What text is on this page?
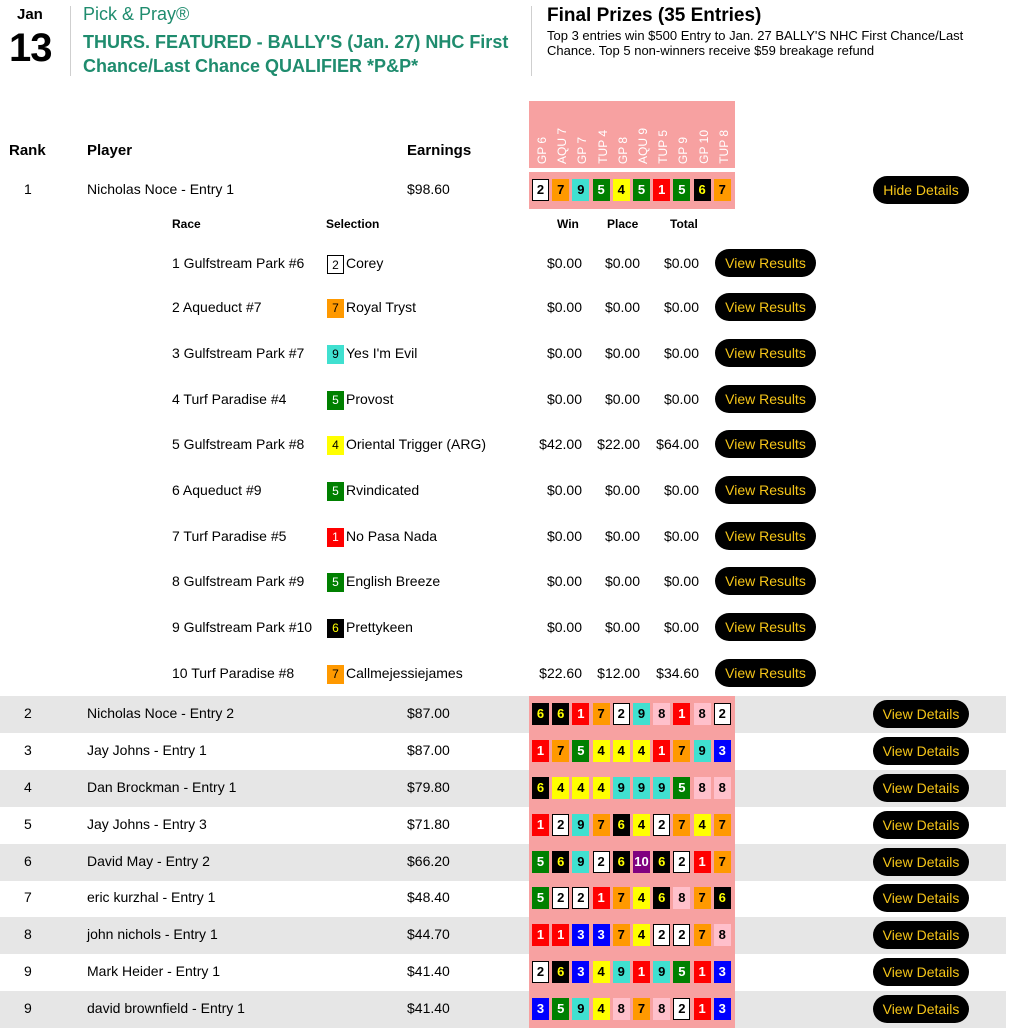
Jan
13
Pick & Pray®
THURS. FEATURED - BALLY'S (Jan. 27) NHC First Chance/Last Chance QUALIFIER *P&P*
Final Prizes (35 Entries)
Top 3 entries win $500 Entry to Jan. 27 BALLY'S NHC First Chance/Last Chance. Top 5 non-winners receive $59 breakage refund
Rank	Player	Earnings	GP 6 AQU 7 GP 7 TUP 4 GP 8 AQU 9 TUP 5 GP 9 GP 10 TUP 8
1	Nicholas Noce - Entry 1	$98.60	2 7 9 5 4 5 1 5 6 7	Hide Details
2	Nicholas Noce - Entry 2	$87.00	6 6 1 7 2 9 8 1 8 2	View Details
3	Jay Johns - Entry 1	$87.00	1 7 5 4 4 4 1 7 9 3	View Details
4	Dan Brockman - Entry 1	$79.80	6 4 4 4 9 9 9 5 8 8	View Details
5	Jay Johns - Entry 3	$71.80	1 2 9 7 6 4 2 7 4 7	View Details
6	David May - Entry 2	$66.20	5 6 9 2 6 10 6 2 1 7	View Details
7	eric kurzhal - Entry 1	$48.40	5 2 2 1 7 4 6 8 7 6	View Details
8	john nichols - Entry 1	$44.70	1 1 3 3 7 4 2 2 7 8	View Details
9	Mark Heider - Entry 1	$41.40	2 6 3 4 9 1 9 5 1 3	View Details
9	david brownfield - Entry 1	$41.40	3 5 9 4 8 7 8 2 1 3	View Details
Race	Selection	Win Place	Total
1 Gulfstream Park #6	2 Corey	$0.00	$0.00	$0.00	View Results
2 Aqueduct #7	7 Royal Tryst	$0.00	$0.00	$0.00	View Results
3 Gulfstream Park #7	9 Yes I'm Evil	$0.00	$0.00	$0.00	View Results
4 Turf Paradise #4	5 Provost	$0.00	$0.00	$0.00	View Results
5 Gulfstream Park #8	4 Oriental Trigger (ARG)	$42.00 $22.00 $64.00	View Results
6 Aqueduct #9	5 Rvindicated	$0.00	$0.00	$0.00	View Results
7 Turf Paradise #5	1 No Pasa Nada	$0.00	$0.00	$0.00	View Results
8 Gulfstream Park #9	5 English Breeze	$0.00	$0.00	$0.00	View Results
9 Gulfstream Park #10	6 Prettykeen	$0.00	$0.00	$0.00	View Results
10 Turf Paradise #8	7 Callmejessiejames	$22.60 $12.00 $34.60	View Results
